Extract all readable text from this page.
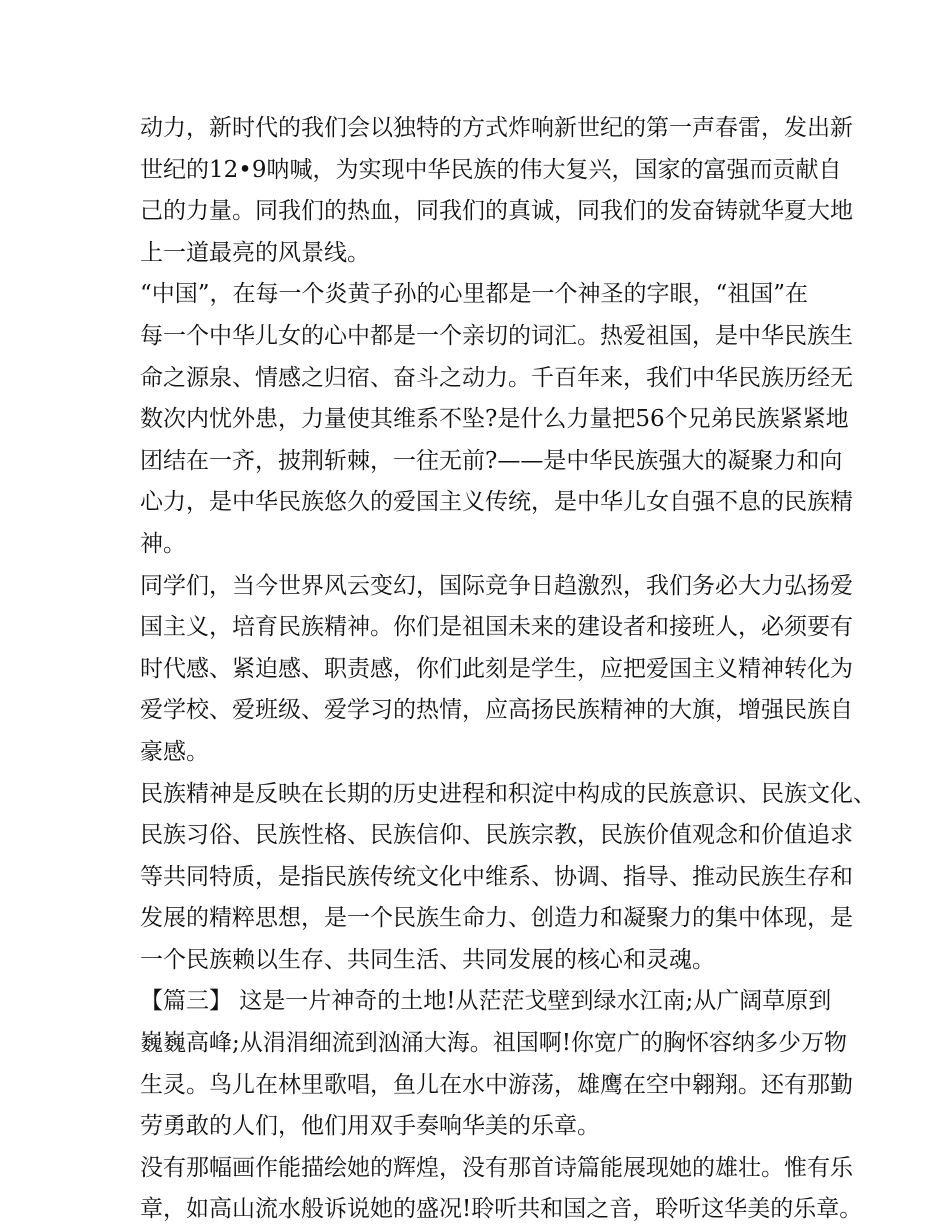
动力，新时代的我们会以独特的方式炸响新世纪的第一声春雷，发出新
世纪的12•9呐喊，为实现中华民族的伟大复兴，国家的富强而贡献自
己的力量。同我们的热血，同我们的真诚，同我们的发奋铸就华夏大地
上一道最亮的风景线。
“中国”，在每一个炎黄子孙的心里都是一个神圣的字眼，“祖国”在
每一个中华儿女的心中都是一个亲切的词汇。热爱祖国，是中华民族生
命之源泉、情感之归宿、奋斗之动力。千百年来，我们中华民族历经无
数次内忧外患，力量使其维系不坠?是什么力量把56个兄弟民族紧紧地
团结在一齐，披荆斩棘，一往无前?——是中华民族强大的凝聚力和向
心力，是中华民族悠久的爱国主义传统，是中华儿女自强不息的民族精
神。
同学们，当今世界风云变幻，国际竞争日趋激烈，我们务必大力弘扬爱
国主义，培育民族精神。你们是祖国未来的建设者和接班人，必须要有
时代感、紧迫感、职责感，你们此刻是学生，应把爱国主义精神转化为
爱学校、爱班级、爱学习的热情，应高扬民族精神的大旗，增强民族自
豪感。
民族精神是反映在长期的历史进程和积淀中构成的民族意识、民族文化、
民族习俗、民族性格、民族信仰、民族宗教，民族价值观念和价值追求
等共同特质，是指民族传统文化中维系、协调、指导、推动民族生存和
发展的精粹思想，是一个民族生命力、创造力和凝聚力的集中体现，是
一个民族赖以生存、共同生活、共同发展的核心和灵魂。
【篇三】 这是一片神奇的土地!从茫茫戈壁到绿水江南;从广阔草原到
巍巍高峰;从涓涓细流到汹涌大海。祖国啊!你宽广的胸怀容纳多少万物
生灵。鸟儿在林里歌唱，鱼儿在水中游荡，雄鹰在空中翱翔。还有那勤
劳勇敢的人们，他们用双手奏响华美的乐章。
没有那幅画作能描绘她的辉煌，没有那首诗篇能展现她的雄壮。惟有乐
章，如高山流水般诉说她的盛况!聆听共和国之音，聆听这华美的乐章。
